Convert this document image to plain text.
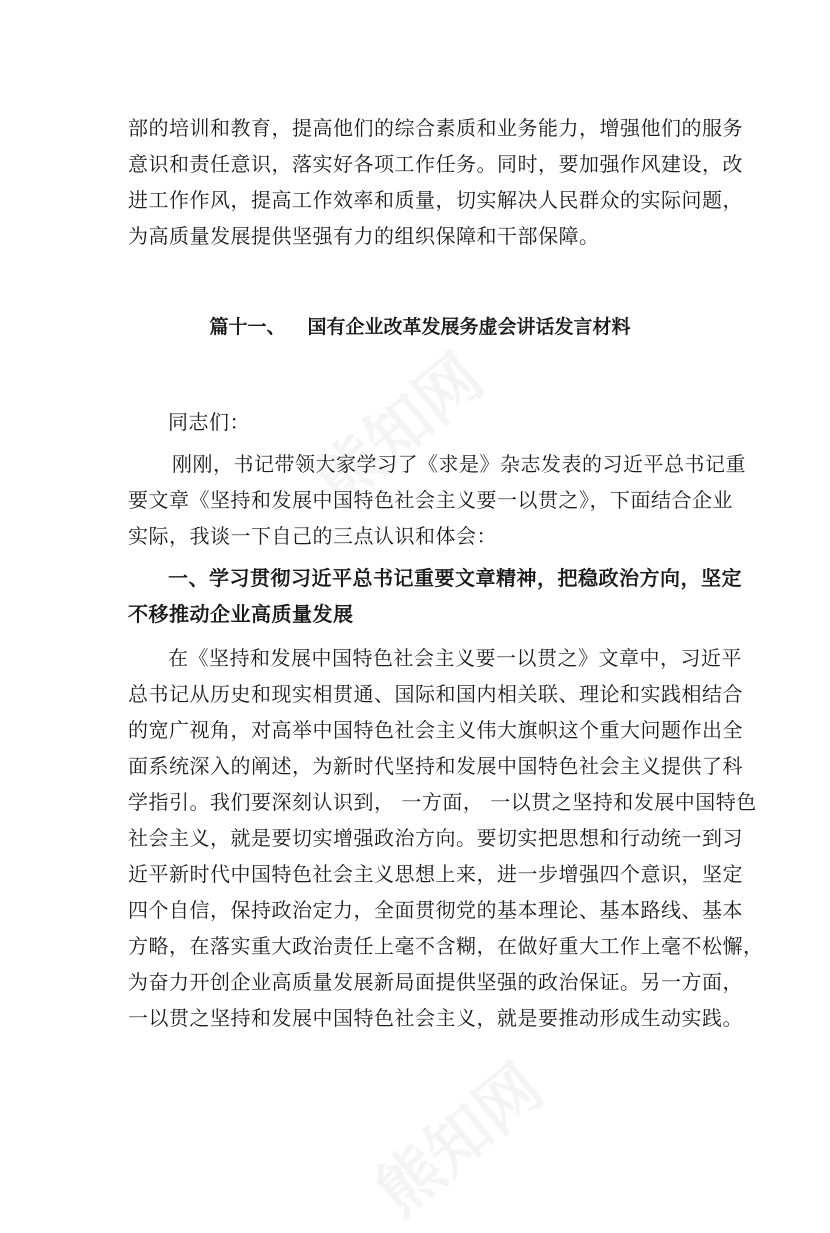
部的培训和教育，提高他们的综合素质和业务能力，增强他们的服务
意识和责任意识，落实好各项工作任务。同时，要加强作风建设，改
进工作作风，提高工作效率和质量，切实解决人民群众的实际问题，
为高质量发展提供坚强有力的组织保障和干部保障。
篇十一、 国有企业改革发展务虚会讲话发言材料
同志们：
刚刚，书记带领大家学习了《求是》杂志发表的习近平总书记重
要文章《坚持和发展中国特色社会主义要一以贯之》，下面结合企业
实际，我谈一下自己的三点认识和体会：
一、学习贯彻习近平总书记重要文章精神，把稳政治方向，坚定
不移推动企业高质量发展
在《坚持和发展中国特色社会主义要一以贯之》文章中，习近平
总书记从历史和现实相贯通、国际和国内相关联、理论和实践相结合
的宽广视角，对高举中国特色社会主义伟大旗帜这个重大问题作出全
面系统深入的阐述，为新时代坚持和发展中国特色社会主义提供了科
学指引。我们要深刻认识到， 一方面， 一以贯之坚持和发展中国特色
社会主义，就是要切实增强政治方向。要切实把思想和行动统一到习
近平新时代中国特色社会主义思想上来，进一步增强四个意识，坚定
四个自信，保持政治定力，全面贯彻党的基本理论、基本路线、基本
方略，在落实重大政治责任上毫不含糊，在做好重大工作上毫不松懈，
为奋力开创企业高质量发展新局面提供坚强的政治保证。另一方面，
一以贯之坚持和发展中国特色社会主义，就是要推动形成生动实践。
